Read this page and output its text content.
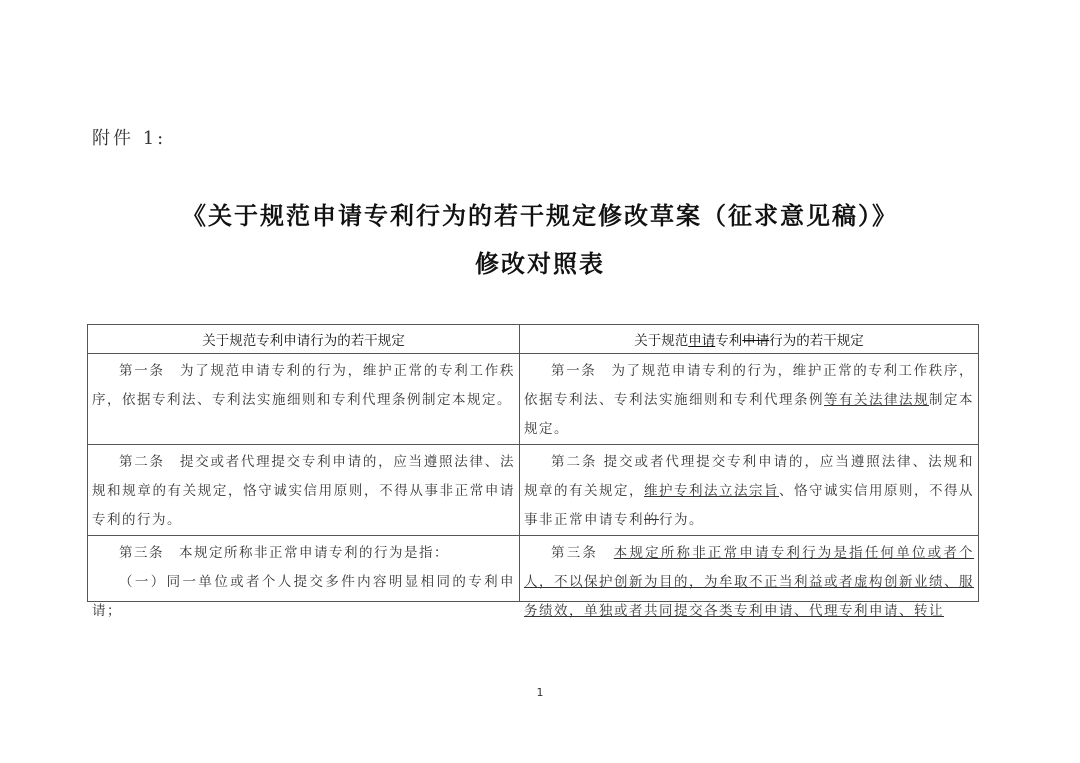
附件 1:
《关于规范申请专利行为的若干规定修改草案（征求意见稿）》
修改对照表
关于规范专利申请行为的若干规定	关于规范申请专利申请行为的若干规定

第一条　为了规范申请专利的行为，维护正常的专利工作秩序，依据专利法、专利法实施细则和专利代理条例制定本规定。	第一条　为了规范申请专利的行为，维护正常的专利工作秩序，依据专利法、专利法实施细则和专利代理条例等有关法律法规制定本规定。

第二条　提交或者代理提交专利申请的，应当遵照法律、法规和规章的有关规定，恪守诚实信用原则，不得从事非正常申请专利的行为。	第二条 提交或者代理提交专利申请的，应当遵照法律、法规和规章的有关规定，维护专利法立法宗旨、恪守诚实信用原则，不得从事非正常申请专利的行为。

第三条　本规定所称非正常申请专利的行为是指：

（一）同一单位或者个人提交多件内容明显相同的专利申请；	第三条　本规定所称非正常申请专利行为是指任何单位或者个人，不以保护创新为目的，为牟取不正当利益或者虚构创新业绩、服务绩效，单独或者共同提交各类专利申请、代理专利申请、转让

1
